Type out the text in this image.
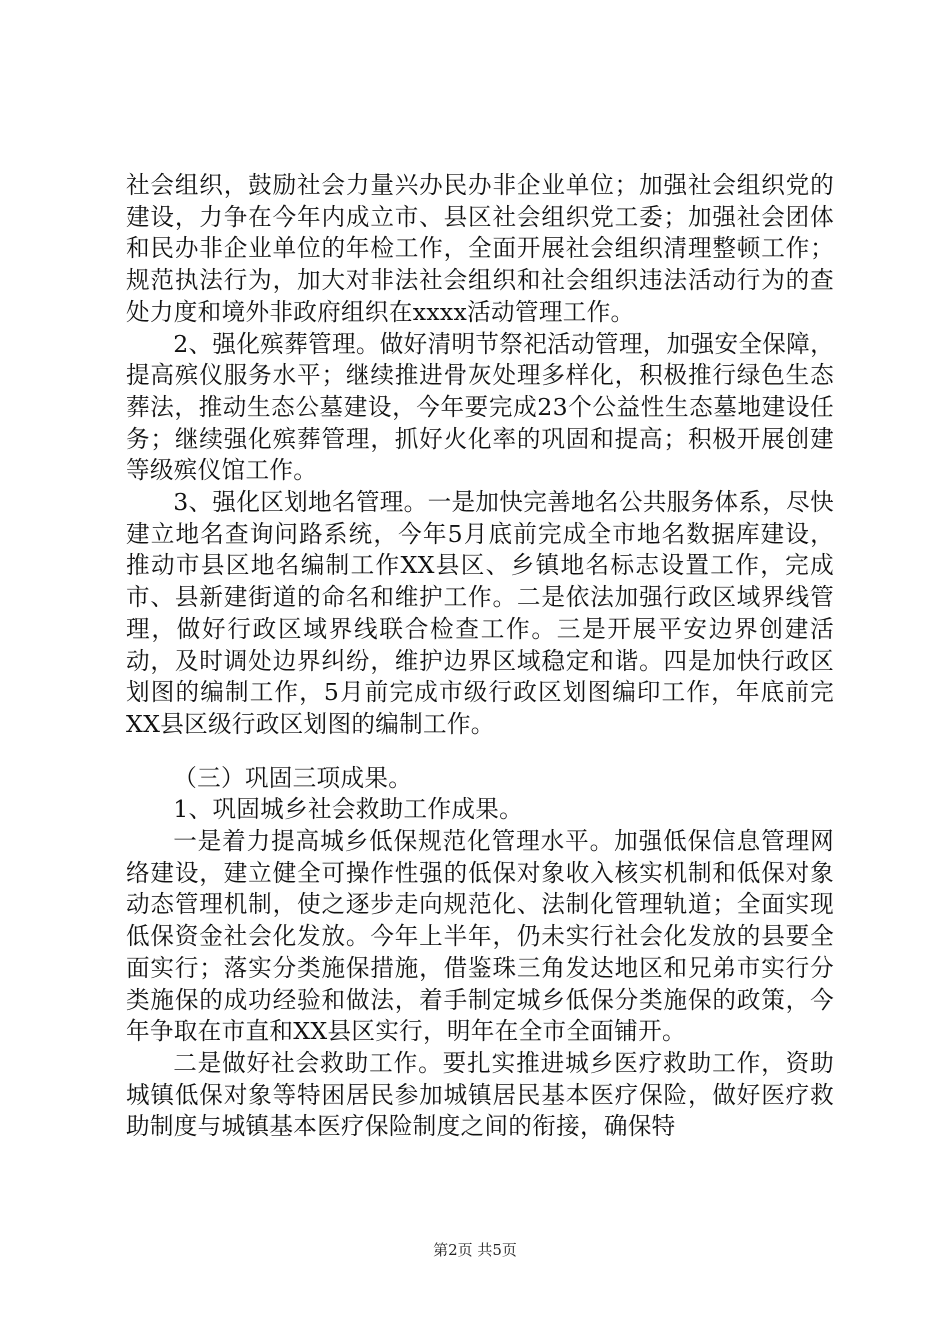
社会组织，鼓励社会力量兴办民办非企业单位；加强社会组织党的建设，力争在今年内成立市、县区社会组织党工委；加强社会团体和民办非企业单位的年检工作，全面开展社会组织清理整顿工作；规范执法行为，加大对非法社会组织和社会组织违法活动行为的查处力度和境外非政府组织在xxxx活动管理工作。

2、强化殡葬管理。做好清明节祭祀活动管理，加强安全保障，提高殡仪服务水平；继续推进骨灰处理多样化，积极推行绿色生态葬法，推动生态公墓建设，今年要完成23个公益性生态墓地建设任务；继续强化殡葬管理，抓好火化率的巩固和提高；积极开展创建等级殡仪馆工作。

3、强化区划地名管理。一是加快完善地名公共服务体系，尽快建立地名查询问路系统，今年5月底前完成全市地名数据库建设，推动市县区地名编制工作XX县区、乡镇地名标志设置工作，完成市、县新建街道的命名和维护工作。二是依法加强行政区域界线管理，做好行政区域界线联合检查工作。三是开展平安边界创建活动，及时调处边界纠纷，维护边界区域稳定和谐。四是加快行政区划图的编制工作，5月前完成市级行政区划图编印工作，年底前完XX县区级行政区划图的编制工作。

（三）巩固三项成果。

1、巩固城乡社会救助工作成果。

一是着力提高城乡低保规范化管理水平。加强低保信息管理网络建设，建立健全可操作性强的低保对象收入核实机制和低保对象动态管理机制，使之逐步走向规范化、法制化管理轨道；全面实现低保资金社会化发放。今年上半年，仍未实行社会化发放的县要全面实行；落实分类施保措施，借鉴珠三角发达地区和兄弟市实行分类施保的成功经验和做法，着手制定城乡低保分类施保的政策，今年争取在市直和XX县区实行，明年在全市全面铺开。

二是做好社会救助工作。要扎实推进城乡医疗救助工作，资助城镇低保对象等特困居民参加城镇居民基本医疗保险，做好医疗救助制度与城镇基本医疗保险制度之间的衔接，确保特

第2页 共5页
